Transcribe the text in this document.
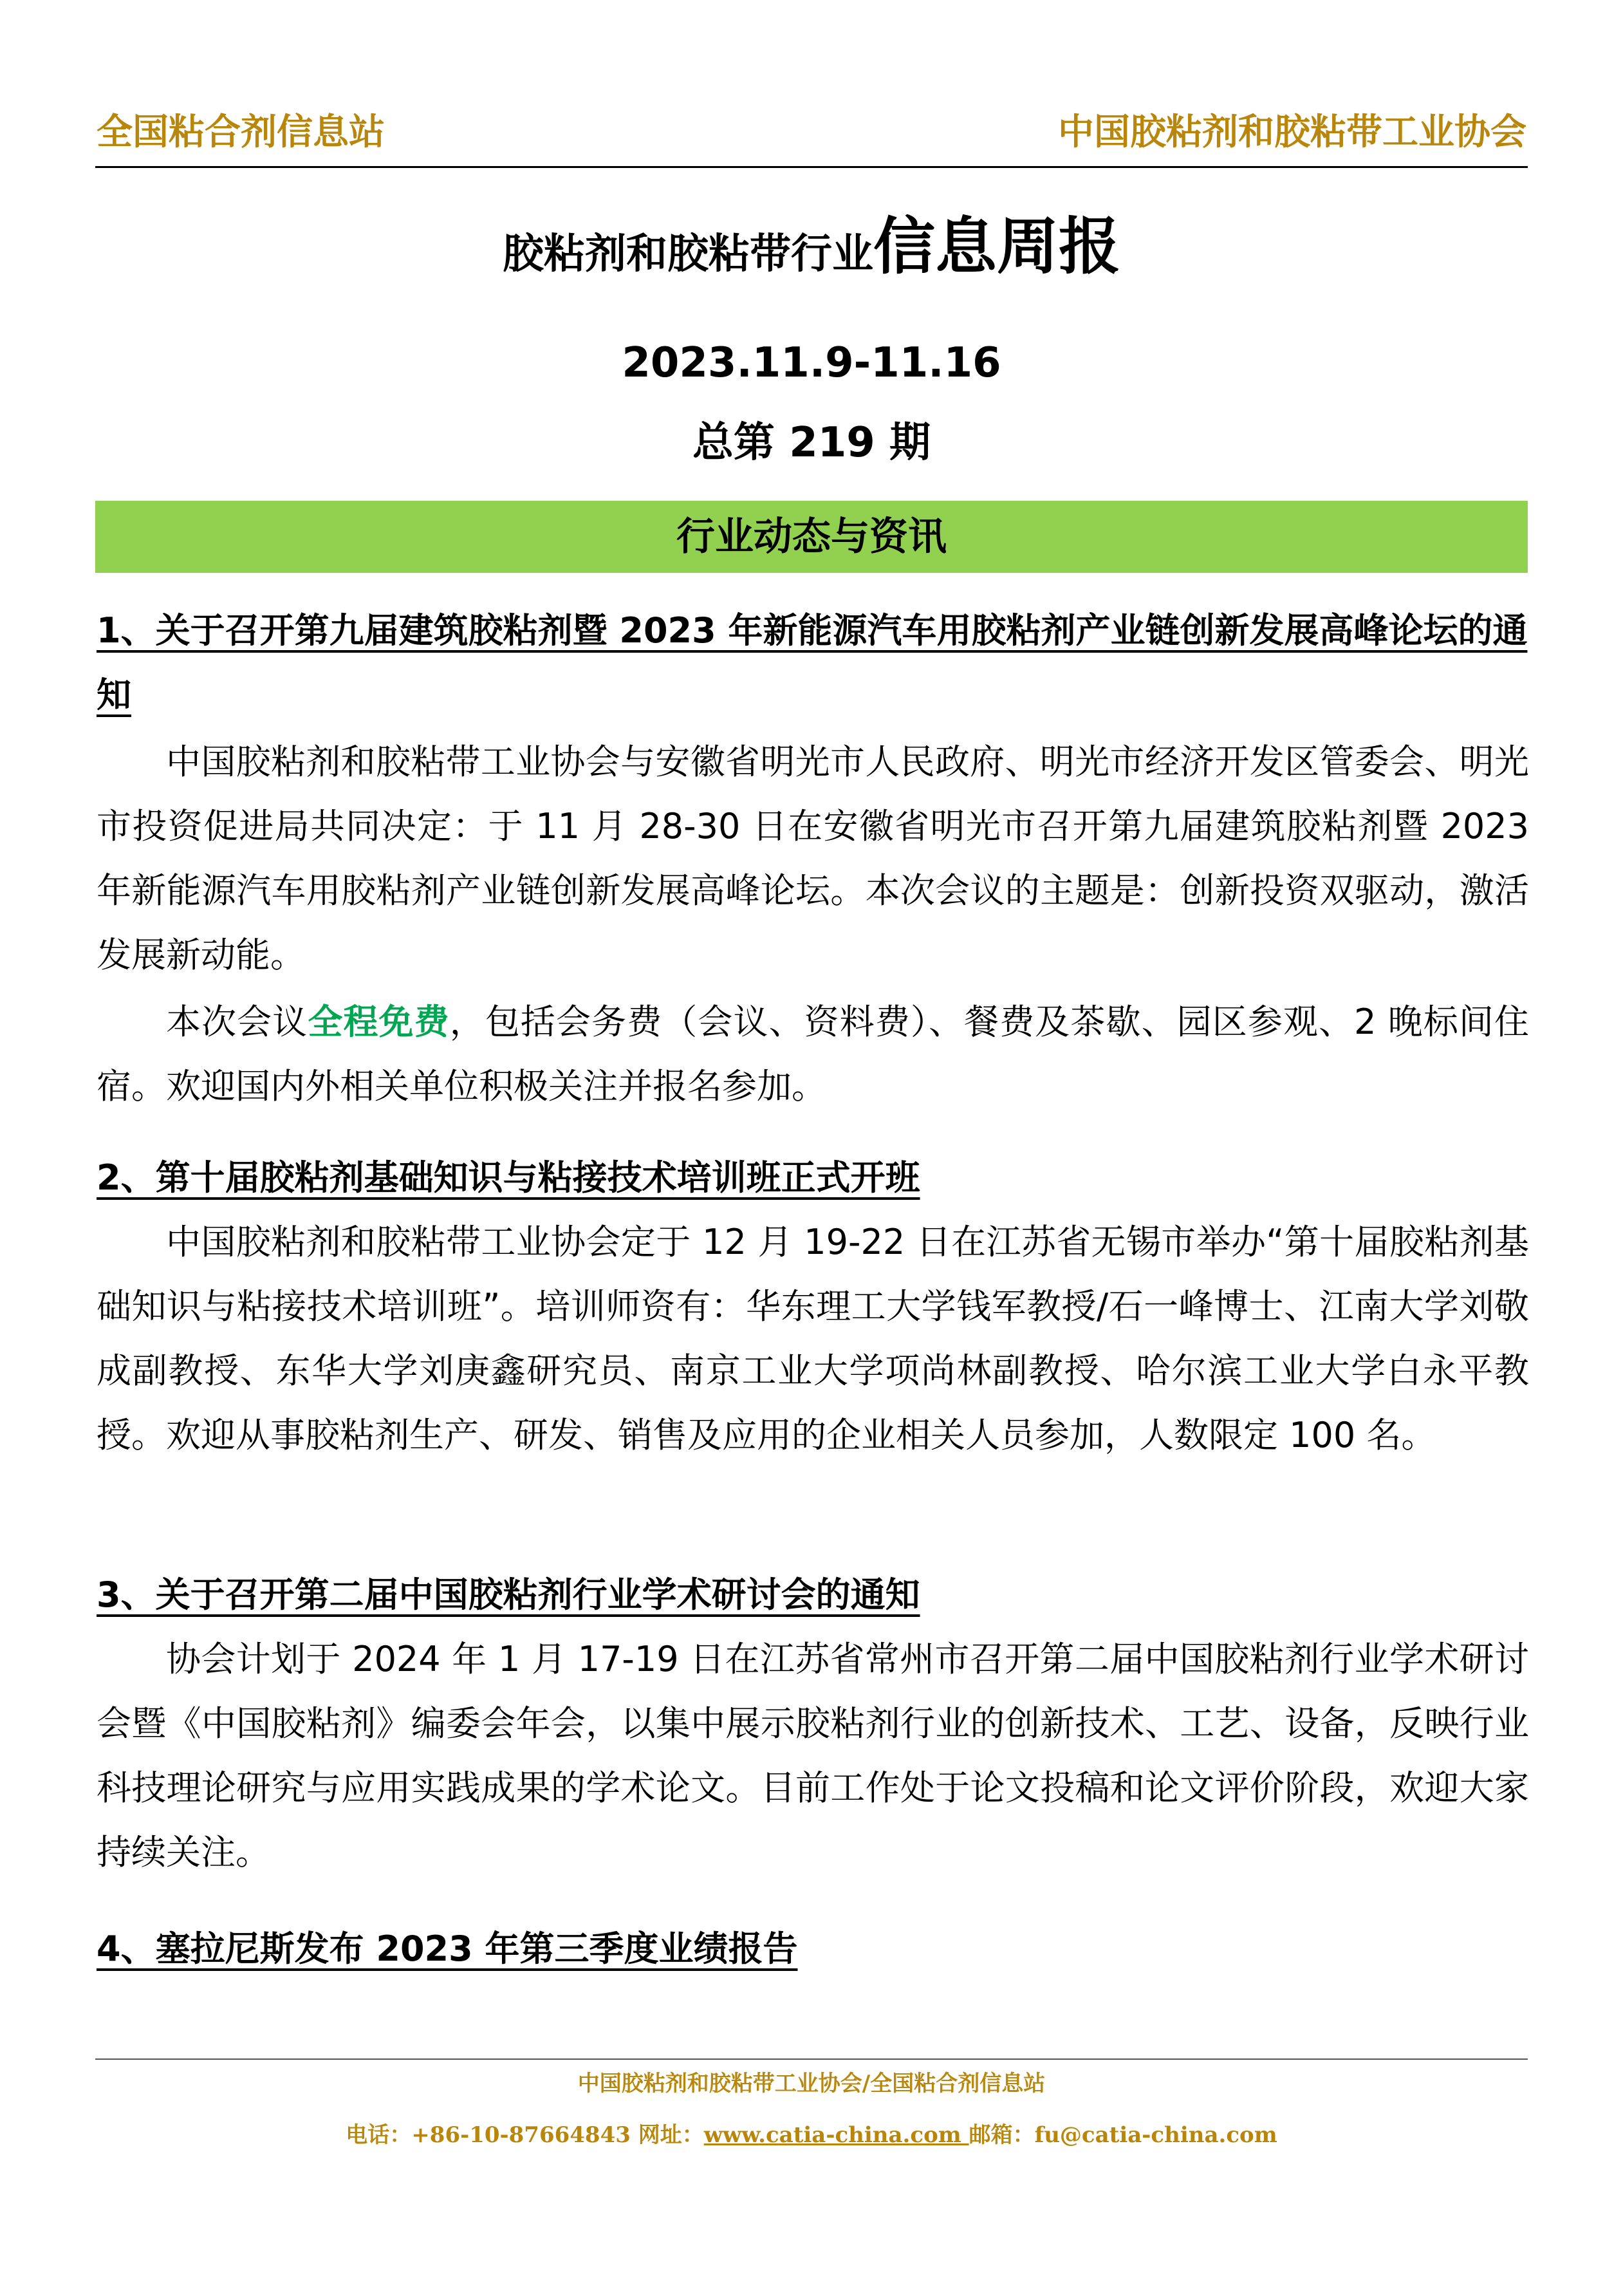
全国粘合剂信息站	中国胶粘剂和胶粘带工业协会
胶粘剂和胶粘带行业信息周报
2023.11.9-11.16
总第 219 期
行业动态与资讯
1、关于召开第九届建筑胶粘剂暨 2023 年新能源汽车用胶粘剂产业链创新发展高峰论坛的通知
中国胶粘剂和胶粘带工业协会与安徽省明光市人民政府、明光市经济开发区管委会、明光市投资促进局共同决定：于 11 月 28-30 日在安徽省明光市召开第九届建筑胶粘剂暨 2023 年新能源汽车用胶粘剂产业链创新发展高峰论坛。本次会议的主题是：创新投资双驱动，激活发展新动能。
本次会议全程免费，包括会务费（会议、资料费）、餐费及茶歇、园区参观、2 晚标间住宿。欢迎国内外相关单位积极关注并报名参加。
2、第十届胶粘剂基础知识与粘接技术培训班正式开班
中国胶粘剂和胶粘带工业协会定于 12 月 19-22 日在江苏省无锡市举办“第十届胶粘剂基础知识与粘接技术培训班”。培训师资有：华东理工大学钱军教授/石一峰博士、江南大学刘敬成副教授、东华大学刘庚鑫研究员、南京工业大学项尚林副教授、哈尔滨工业大学白永平教授。欢迎从事胶粘剂生产、研发、销售及应用的企业相关人员参加，人数限定 100 名。
3、关于召开第二届中国胶粘剂行业学术研讨会的通知
协会计划于 2024 年 1 月 17-19 日在江苏省常州市召开第二届中国胶粘剂行业学术研讨会暨《中国胶粘剂》编委会年会，以集中展示胶粘剂行业的创新技术、工艺、设备，反映行业科技理论研究与应用实践成果的学术论文。目前工作处于论文投稿和论文评价阶段，欢迎大家持续关注。
4、塞拉尼斯发布 2023 年第三季度业绩报告
中国胶粘剂和胶粘带工业协会/全国粘合剂信息站
电话：+86-10-87664843 网址：www.catia-china.com 邮箱：fu@catia-china.com
